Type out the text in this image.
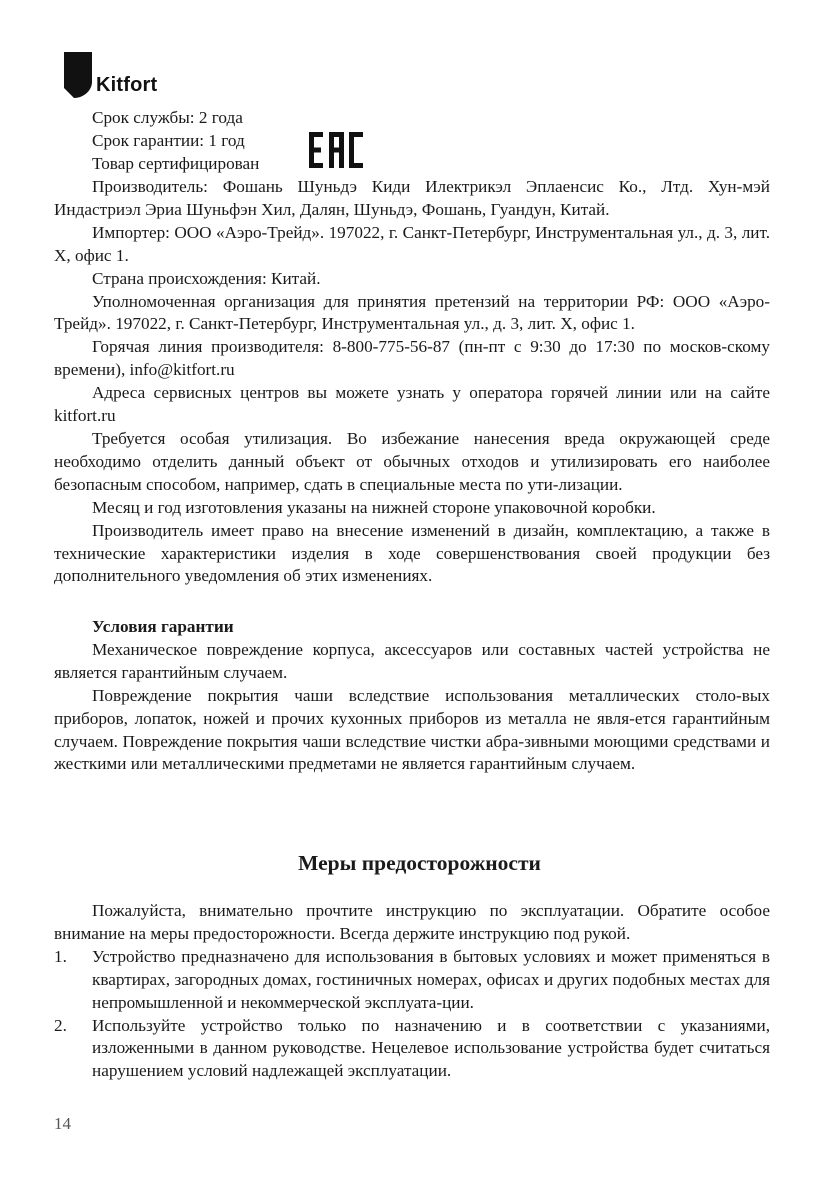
Kitfort
Срок службы: 2 года
Срок гарантии: 1 год
Товар сертифицирован

Производитель: Фошань Шуньдэ Киди Илектрикэл Эплаенсис Ко., Лтд. Хун-мэй Индастриэл Эриа Шуньфэн Хил, Далян, Шуньдэ, Фошань, Гуандун, Китай.

Импортер: ООО «Аэро-Трейд». 197022, г. Санкт-Петербург, Инструментальная ул., д. 3, лит. Х, офис 1.

Страна происхождения: Китай.

Уполномоченная организация для принятия претензий на территории РФ: ООО «Аэро-Трейд». 197022, г. Санкт-Петербург, Инструментальная ул., д. 3, лит. Х, офис 1.

Горячая линия производителя: 8-800-775-56-87 (пн-пт с 9:30 до 17:30 по москов-скому времени), info@kitfort.ru

Адреса сервисных центров вы можете узнать у оператора горячей линии или на сайте kitfort.ru

Требуется особая утилизация. Во избежание нанесения вреда окружающей среде необходимо отделить данный объект от обычных отходов и утилизировать его наиболее безопасным способом, например, сдать в специальные места по ути-лизации.

Месяц и год изготовления указаны на нижней стороне упаковочной коробки.

Производитель имеет право на внесение изменений в дизайн, комплектацию, а также в технические характеристики изделия в ходе совершенствования своей продукции без дополнительного уведомления об этих изменениях.

Условия гарантии

Механическое повреждение корпуса, аксессуаров или составных частей устройства не является гарантийным случаем.

Повреждение покрытия чаши вследствие использования металлических столо-вых приборов, лопаток, ножей и прочих кухонных приборов из металла не явля-ется гарантийным случаем. Повреждение покрытия чаши вследствие чистки абра-зивными моющими средствами и жесткими или металлическими предметами не является гарантийным случаем.

Меры предосторожности

Пожалуйста, внимательно прочтите инструкцию по эксплуатации. Обратите особое внимание на меры предосторожности. Всегда держите инструкцию под рукой.

1.	Устройство предназначено для использования в бытовых условиях и может применяться в квартирах, загородных домах, гостиничных номерах, офисах и других подобных местах для непромышленной и некоммерческой эксплуата-ции.
2.	Используйте устройство только по назначению и в соответствии с указаниями, изложенными в данном руководстве. Нецелевое использование устройства будет считаться нарушением условий надлежащей эксплуатации.
14
